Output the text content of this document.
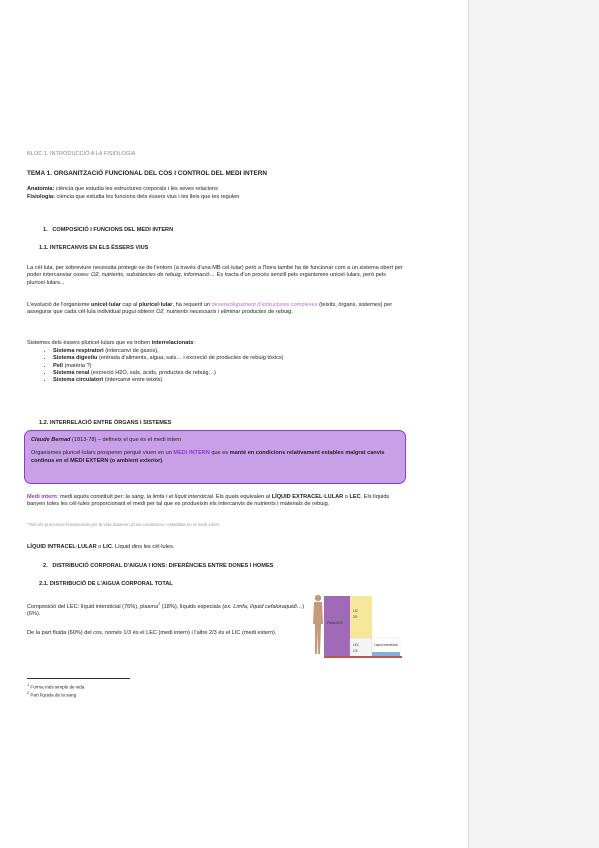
BLOC 1. INTRODUCCIÓ A LA FISIOLOGIA
TEMA 1. ORGANITZACIÓ FUNCIONAL DEL COS I CONTROL DEL MEDI INTERN
Anatomia: ciència que estudia les estructures corporals i les seves relacions
Fisiologia: ciència que estudia les funcions dels éssers vius i les lleis que les regulen
1. COMPOSICIÓ I FUNCIONS DEL MEDI INTERN
1.1. INTERCANVIS EN ELS ÉSSERS VIUS
La cèl·lula, per sobreviure necessita protegir-se de l'entorn (a través d'una MB cel·lular) però a l'hora també ha de funcionar com a un sistema obert per poder intercanviar coses: O2, nutrients, substàncies de rebuig, informació… Es tracta d'un procés senzill pels organismes unicel·lulars, però pels pluricel·lulars...
L'evolució de l'organisme unicel·lular cap al pluricel·lular, ha requerit un desenvolupament d'estructures complexes (teixits, òrgans, sistemes) per assegurar que cada cèl·lula individual pugui obtenir O2, nutrients necessaris i eliminar productes de rebuig.
Sistemes dels éssers pluricel·lulars que es troben interrelacionats:
• Sistema respiratori (intercanvi de gasos),
• Sistema digestiu (entrada d'aliments, aigua, sals… i excreció de productes de rebuig tòxics)
• Pell (matèria ?)
• Sistema renal (excreció H2O, sals, àcids, productes de rebuig…)
• Sistema circulatori (intercanvi entre teixits)
1.2. INTERRELACIÓ ENTRE ÒRGANS I SISTEMES
Claude Bernad (1813-78) – defineix el que és el medi intern
Organismes pluricel·lulars prosperen perquè viuen en un MEDI INTERN que es manté en condicions relativament estables malgrat canvis continus en el MEDI EXTERN (o ambient exterior).
Medi intern: medi aquós constituït per: la sang, la limfa i el líquit intersticial. Els quals equivalen al LÍQUID EXTRACEL·LULAR o LEC. Els líquids banyen totes les cèl·lules proporcionant el medi per tal que es produeixin els intercanvis de nutrients i materials de rebuig.
*Tots els processos fonamentals per la vida depenen d'una constància i estabilitat en el medi intern.
LÍQUID INTRACEL·LULAR o LIC. Líquid dins les cèl·lules.
2. DISTRIBUCIÓ CORPORAL D'AIGUA I IONS: DIFERÈNCIES ENTRE DONES I HOMES
2.1. DISTRIBUCIÓ DE L'AIGUA CORPORAL TOTAL
Composició del LEC: líquid intersticial (76%), plasma$^2$ (18%), líquids especials (ex. Limfa, líquid cefaloraquidi…) (6%).
De la part fluida (60%) del cos, només 1/3 és el LEC (medi intern) i l'altre 2/3 és el LIC (medi extern).
Fluids 60%
LIC
2/3
LEC
1/3
Líquid intersticial
$^1$ Forma més simple de vida
$^2$ Part líquida de la sang
